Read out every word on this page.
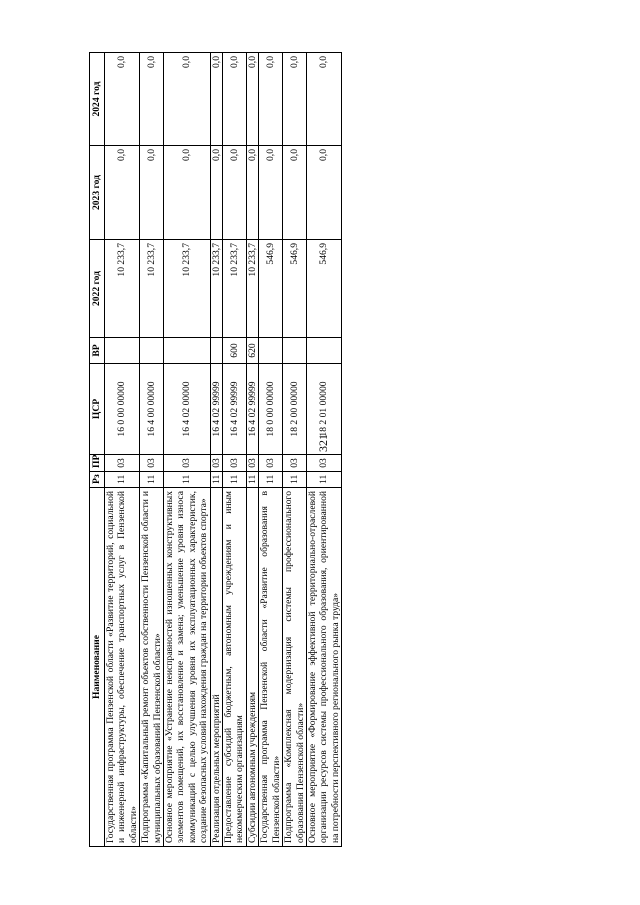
321
Наименование	Рз	ПР	ЦСР	ВР	2022 год	2023 год	2024 год
Государственная программа Пензенской области «Развитие территорий, социальной и инженерной инфраструктуры, обеспечение транспортных услуг в Пензенской области»	11	03	16 0 00 00000		10 233,7	0,0	0,0
Подпрограмма «Капитальный ремонт объектов собственности Пензенской области и муниципальных образований Пензенской области»	11	03	16 4 00 00000		10 233,7	0,0	0,0
Основное мероприятие «Устранение неисправностей изношенных конструктивных элементов помещений, их восстановление и замена; уменьшение уровня износа коммуникаций с целью улучшения уровня их эксплуатационных характеристик, создание безопасных условий нахождения граждан на территории объектов спорта»	11	03	16 4 02 00000		10 233,7	0,0	0,0
Реализация отдельных мероприятий	11	03	16 4 02 99999		10 233,7	0,0	0,0
Предоставление субсидий бюджетным, автономным учреждениям и иным некоммерческим организациям	11	03	16 4 02 99999	600	10 233,7	0,0	0,0
Субсидии автономным учреждениям	11	03	16 4 02 99999	620	10 233,7	0,0	0,0
Государственная программа Пензенской области «Развитие образования в Пензенской области»	11	03	18 0 00 00000		546,9	0,0	0,0
Подпрограмма «Комплексная модернизация системы профессионального образования Пензенской области»	11	03	18 2 00 00000		546,9	0,0	0,0
Основное мероприятие «Формирование эффективной территориально-отраслевой организации ресурсов системы профессионального образования, ориентированной на потребности перспективного регионального рынка труда»	11	03	18 2 01 00000		546,9	0,0	0,0
